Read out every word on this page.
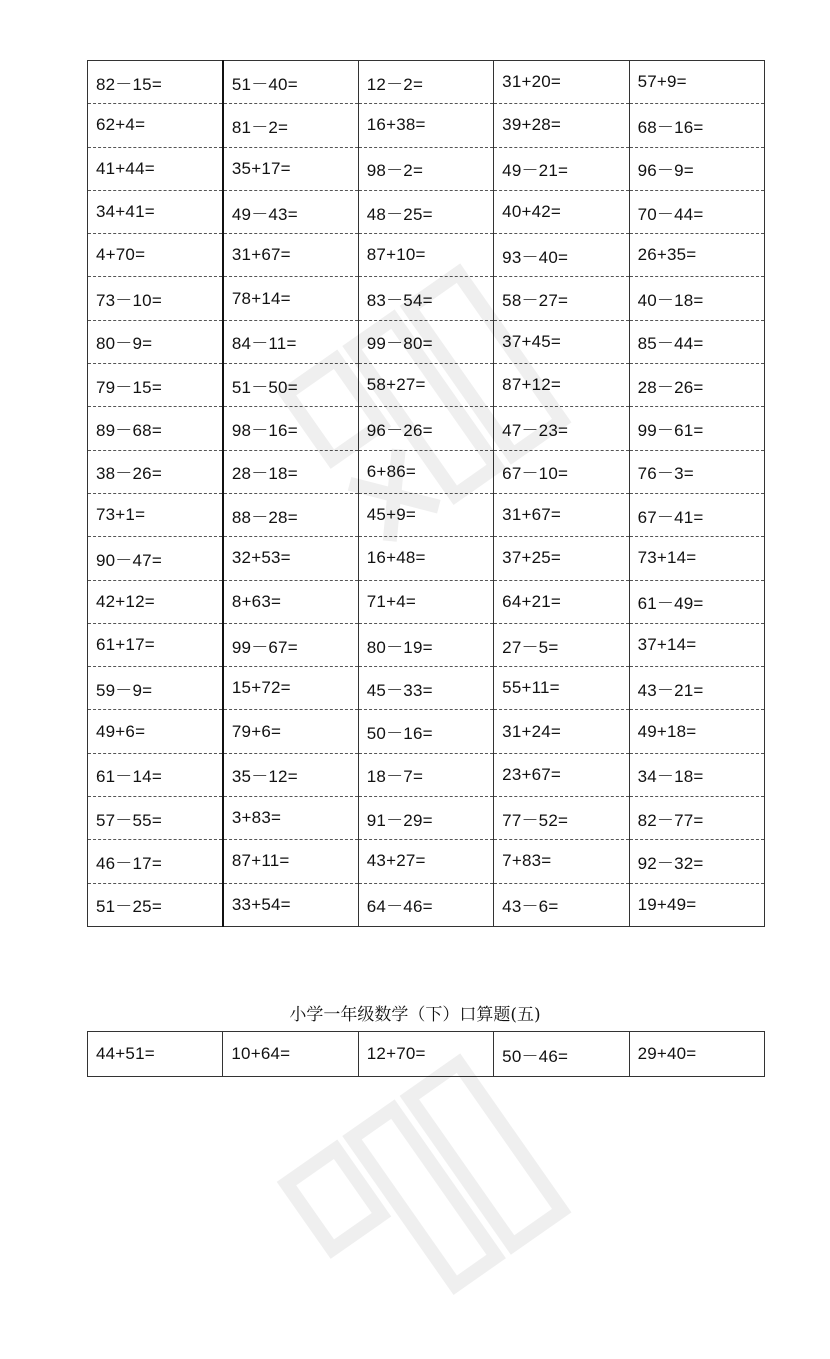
82－15=	51－40=	12－2=	31+20=	57+9=
62+4=	81－2=	16+38=	39+28=	68－16=
41+44=	35+17=	98－2=	49－21=	96－9=
34+41=	49－43=	48－25=	40+42=	70－44=
4+70=	31+67=	87+10=	93－40=	26+35=
73－10=	78+14=	83－54=	58－27=	40－18=
80－9=	84－11=	99－80=	37+45=	85－44=
79－15=	51－50=	58+27=	87+12=	28－26=
89－68=	98－16=	96－26=	47－23=	99－61=
38－26=	28－18=	6+86=	67－10=	76－3=
73+1=	88－28=	45+9=	31+67=	67－41=
90－47=	32+53=	16+48=	37+25=	73+14=
42+12=	8+63=	71+4=	64+21=	61－49=
61+17=	99－67=	80－19=	27－5=	37+14=
59－9=	15+72=	45－33=	55+11=	43－21=
49+6=	79+6=	50－16=	31+24=	49+18=
61－14=	35－12=	18－7=	23+67=	34－18=
57－55=	3+83=	91－29=	77－52=	82－77=
46－17=	87+11=	43+27=	7+83=	92－32=
51－25=	33+54=	64－46=	43－6=	19+49=
小学一年级数学（下）口算题(五)
44+51=	10+64=	12+70=	50－46=	29+40=
